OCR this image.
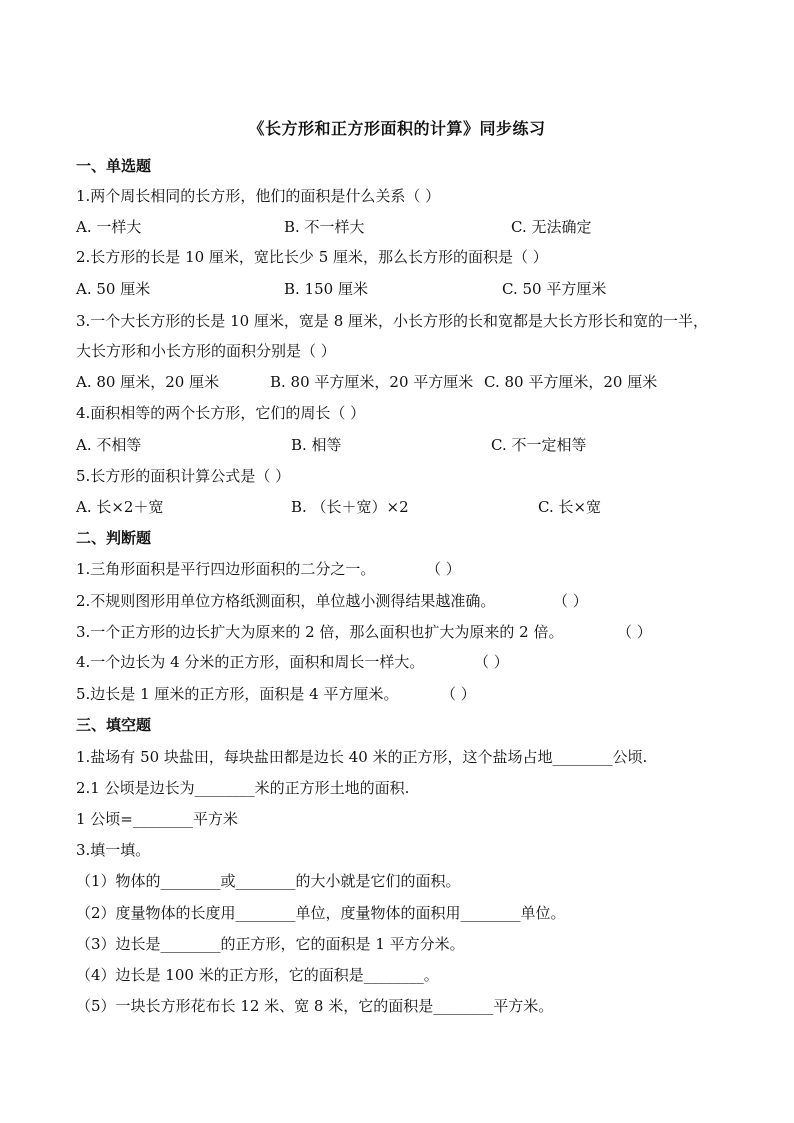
《长方形和正方形面积的计算》同步练习
一、单选题
1.两个周长相同的长方形，他们的面积是什么关系（ ）
A. 一样大	B. 不一样大	C. 无法确定
2.长方形的长是 10 厘米，宽比长少 5 厘米，那么长方形的面积是（ ）
A. 50 厘米	B. 150 厘米	C. 50 平方厘米
3.一个大长方形的长是 10 厘米，宽是 8 厘米，小长方形的长和宽都是大长方形长和宽的一半，
大长方形和小长方形的面积分别是（ ）
A. 80 厘米，20 厘米	B. 80 平方厘米，20 平方厘米 C. 80 平方厘米，20 厘米
4.面积相等的两个长方形，它们的周长（ ）
A. 不相等	B. 相等	C. 不一定相等
5.长方形的面积计算公式是（ ）
A. 长×2＋宽	B. （长＋宽）×2	C. 长×宽
二、判断题
1.三角形面积是平行四边形面积的二分之一。	（ ）
2.不规则图形用单位方格纸测面积，单位越小测得结果越准确。	（ ）
3.一个正方形的边长扩大为原来的 2 倍，那么面积也扩大为原来的 2 倍。	（ ）
4.一个边长为 4 分米的正方形，面积和周长一样大。	（ ）
5.边长是 1 厘米的正方形，面积是 4 平方厘米。	（ ）
三、填空题
1.盐场有 50 块盐田，每块盐田都是边长 40 米的正方形，这个盐场占地________公顷.
2.1 公顷是边长为________米的正方形土地的面积.
1 公顷=________平方米
3.填一填。
（1）物体的________或________的大小就是它们的面积。
（2）度量物体的长度用________单位，度量物体的面积用________单位。
（3）边长是________的正方形，它的面积是 1 平方分米。
（4）边长是 100 米的正方形，它的面积是________。
（5）一块长方形花布长 12 米、宽 8 米，它的面积是________平方米。
